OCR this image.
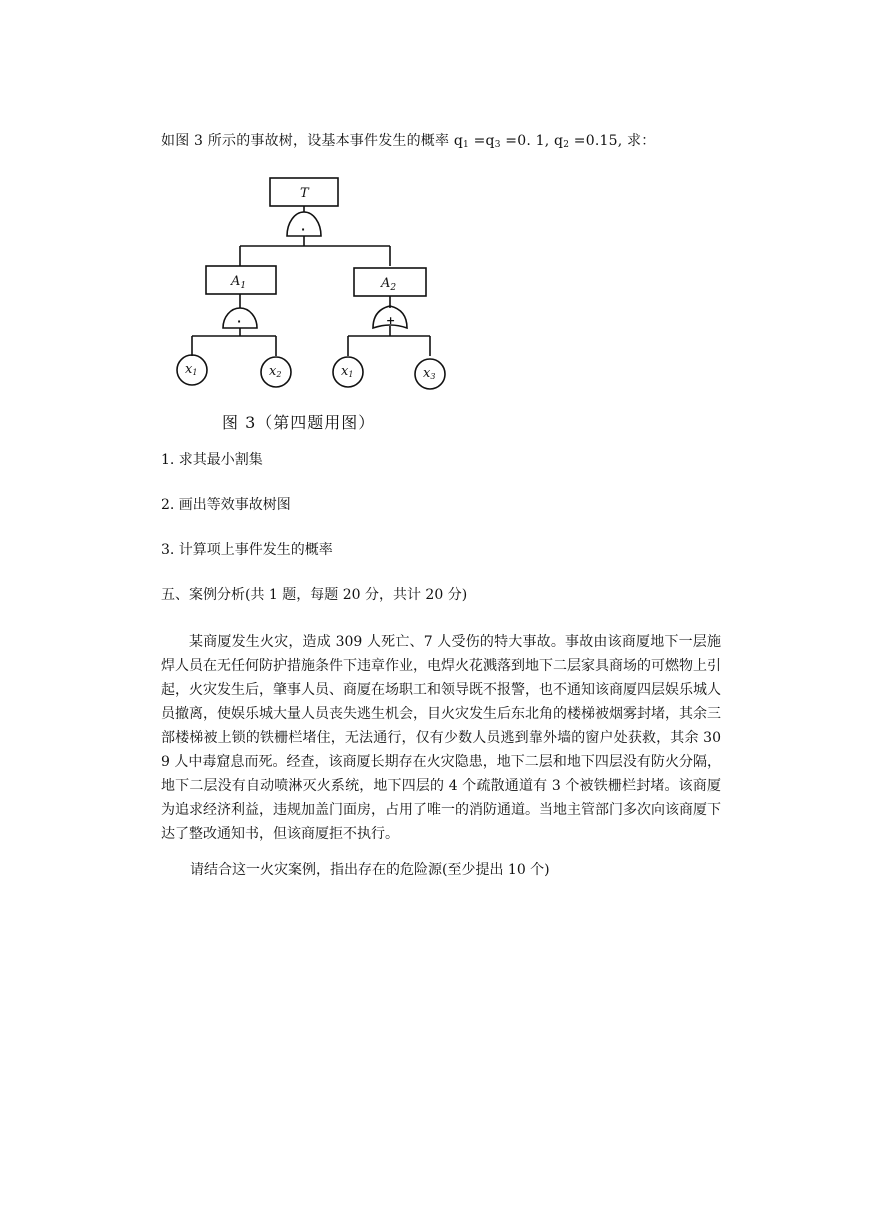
如图 3 所示的事故树，设基本事件发生的概率 $q_1 =q_3 =0$. 1, $q_2 =0.15$, 求：
T
·
$A_1$
·
$A_2$
+
x1	x2	x1	x3
图 3（第四题用图）
1. 求其最小割集
2. 画出等效事故树图
3. 计算项上事件发生的概率
五、案例分析(共 1 题，每题 20 分，共计 20 分)
某商厦发生火灾，造成 309 人死亡、7 人受伤的特大事故。事故由该商厦地下一层施焊人员在无任何防护措施条件下违章作业，电焊火花溅落到地下二层家具商场的可燃物上引起，火灾发生后，肇事人员、商厦在场职工和领导既不报警，也不通知该商厦四层娱乐城人员撤离，使娱乐城大量人员丧失逃生机会，目火灾发生后东北角的楼梯被烟雾封堵，其余三部楼梯被上锁的铁栅栏堵住，无法通行，仅有少数人员逃到靠外墙的窗户处获救，其余 309 人中毒窟息而死。经查，该商厦长期存在火灾隐患，地下二层和地下四层没有防火分隔，地下二层没有自动喷淋灭火系统，地下四层的 4 个疏散通道有 3 个被铁栅栏封堵。该商厦为追求经济利益，违规加盖门面房，占用了唯一的消防通道。当地主管部门多次向该商厦下达了整改通知书，但该商厦拒不执行。
请结合这一火灾案例，指出存在的危险源(至少提出 10 个)
